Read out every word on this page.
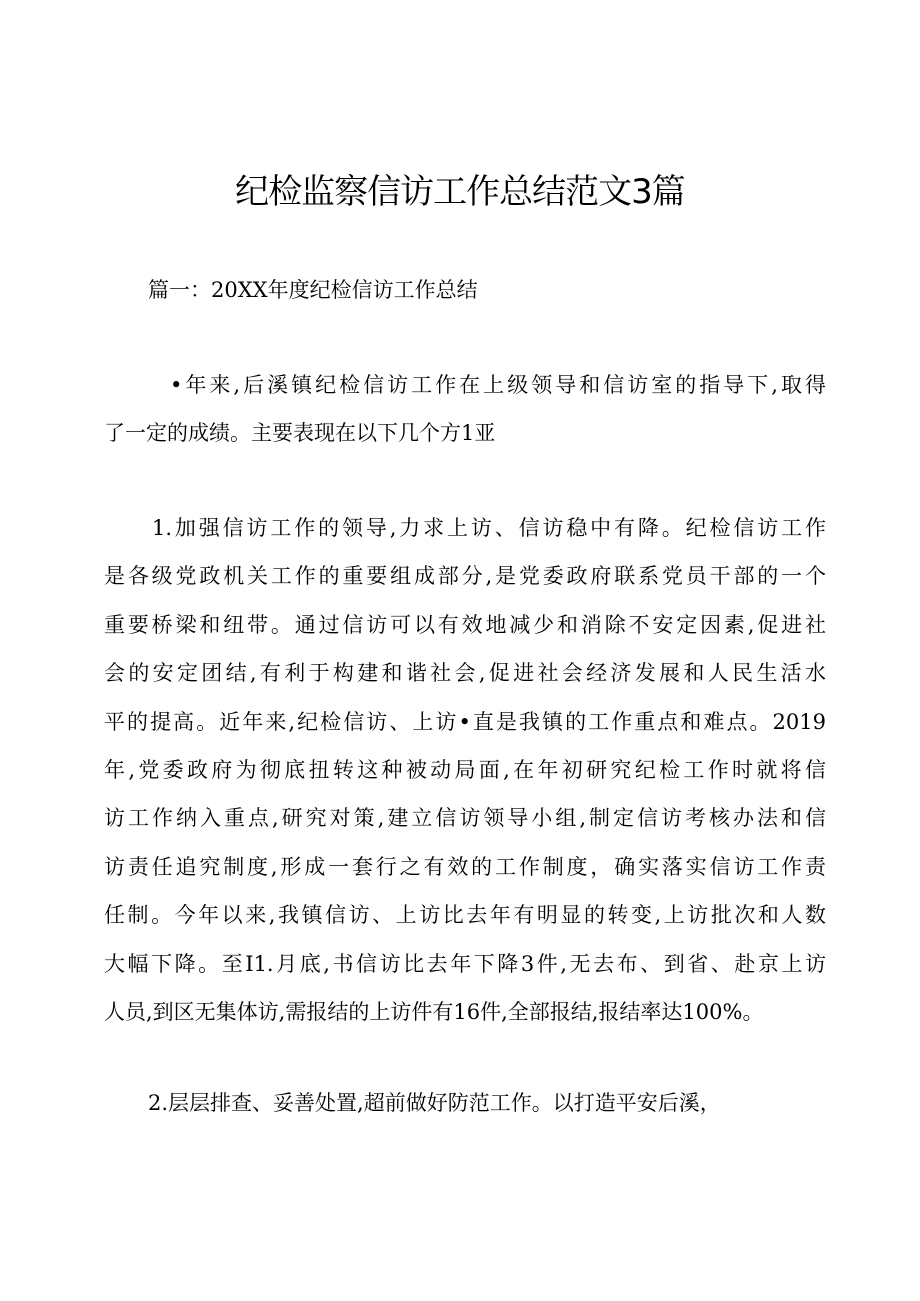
纪检监察信访工作总结范文3篇
篇一：20XX年度纪检信访工作总结

•年来,后溪镇纪检信访工作在上级领导和信访室的指导下,取得
了一定的成绩。主要表现在以下几个方1亚

1.加强信访工作的领导,力求上访、信访稳中有降。纪检信访工作
是各级党政机关工作的重要组成部分,是党委政府联系党员干部的一个
重要桥梁和纽带。通过信访可以有效地减少和消除不安定因素,促进社
会的安定团结,有利于构建和谐社会,促进社会经济发展和人民生活水
平的提高。近年来,纪检信访、上访•直是我镇的工作重点和难点。2019
年,党委政府为彻底扭转这种被动局面,在年初研究纪检工作时就将信
访工作纳入重点,研究对策,建立信访领导小组,制定信访考核办法和信
访责任追究制度,形成一套行之有效的工作制度，确实落实信访工作责
任制。今年以来,我镇信访、上访比去年有明显的转变,上访批次和人数
大幅下降。至I1.月底,书信访比去年下降3件,无去布、到省、赴京上访
人员,到区无集体访,需报结的上访件有16件,全部报结,报结率达100%。

2.层层排查、妥善处置,超前做好防范工作。以打造平安后溪，
